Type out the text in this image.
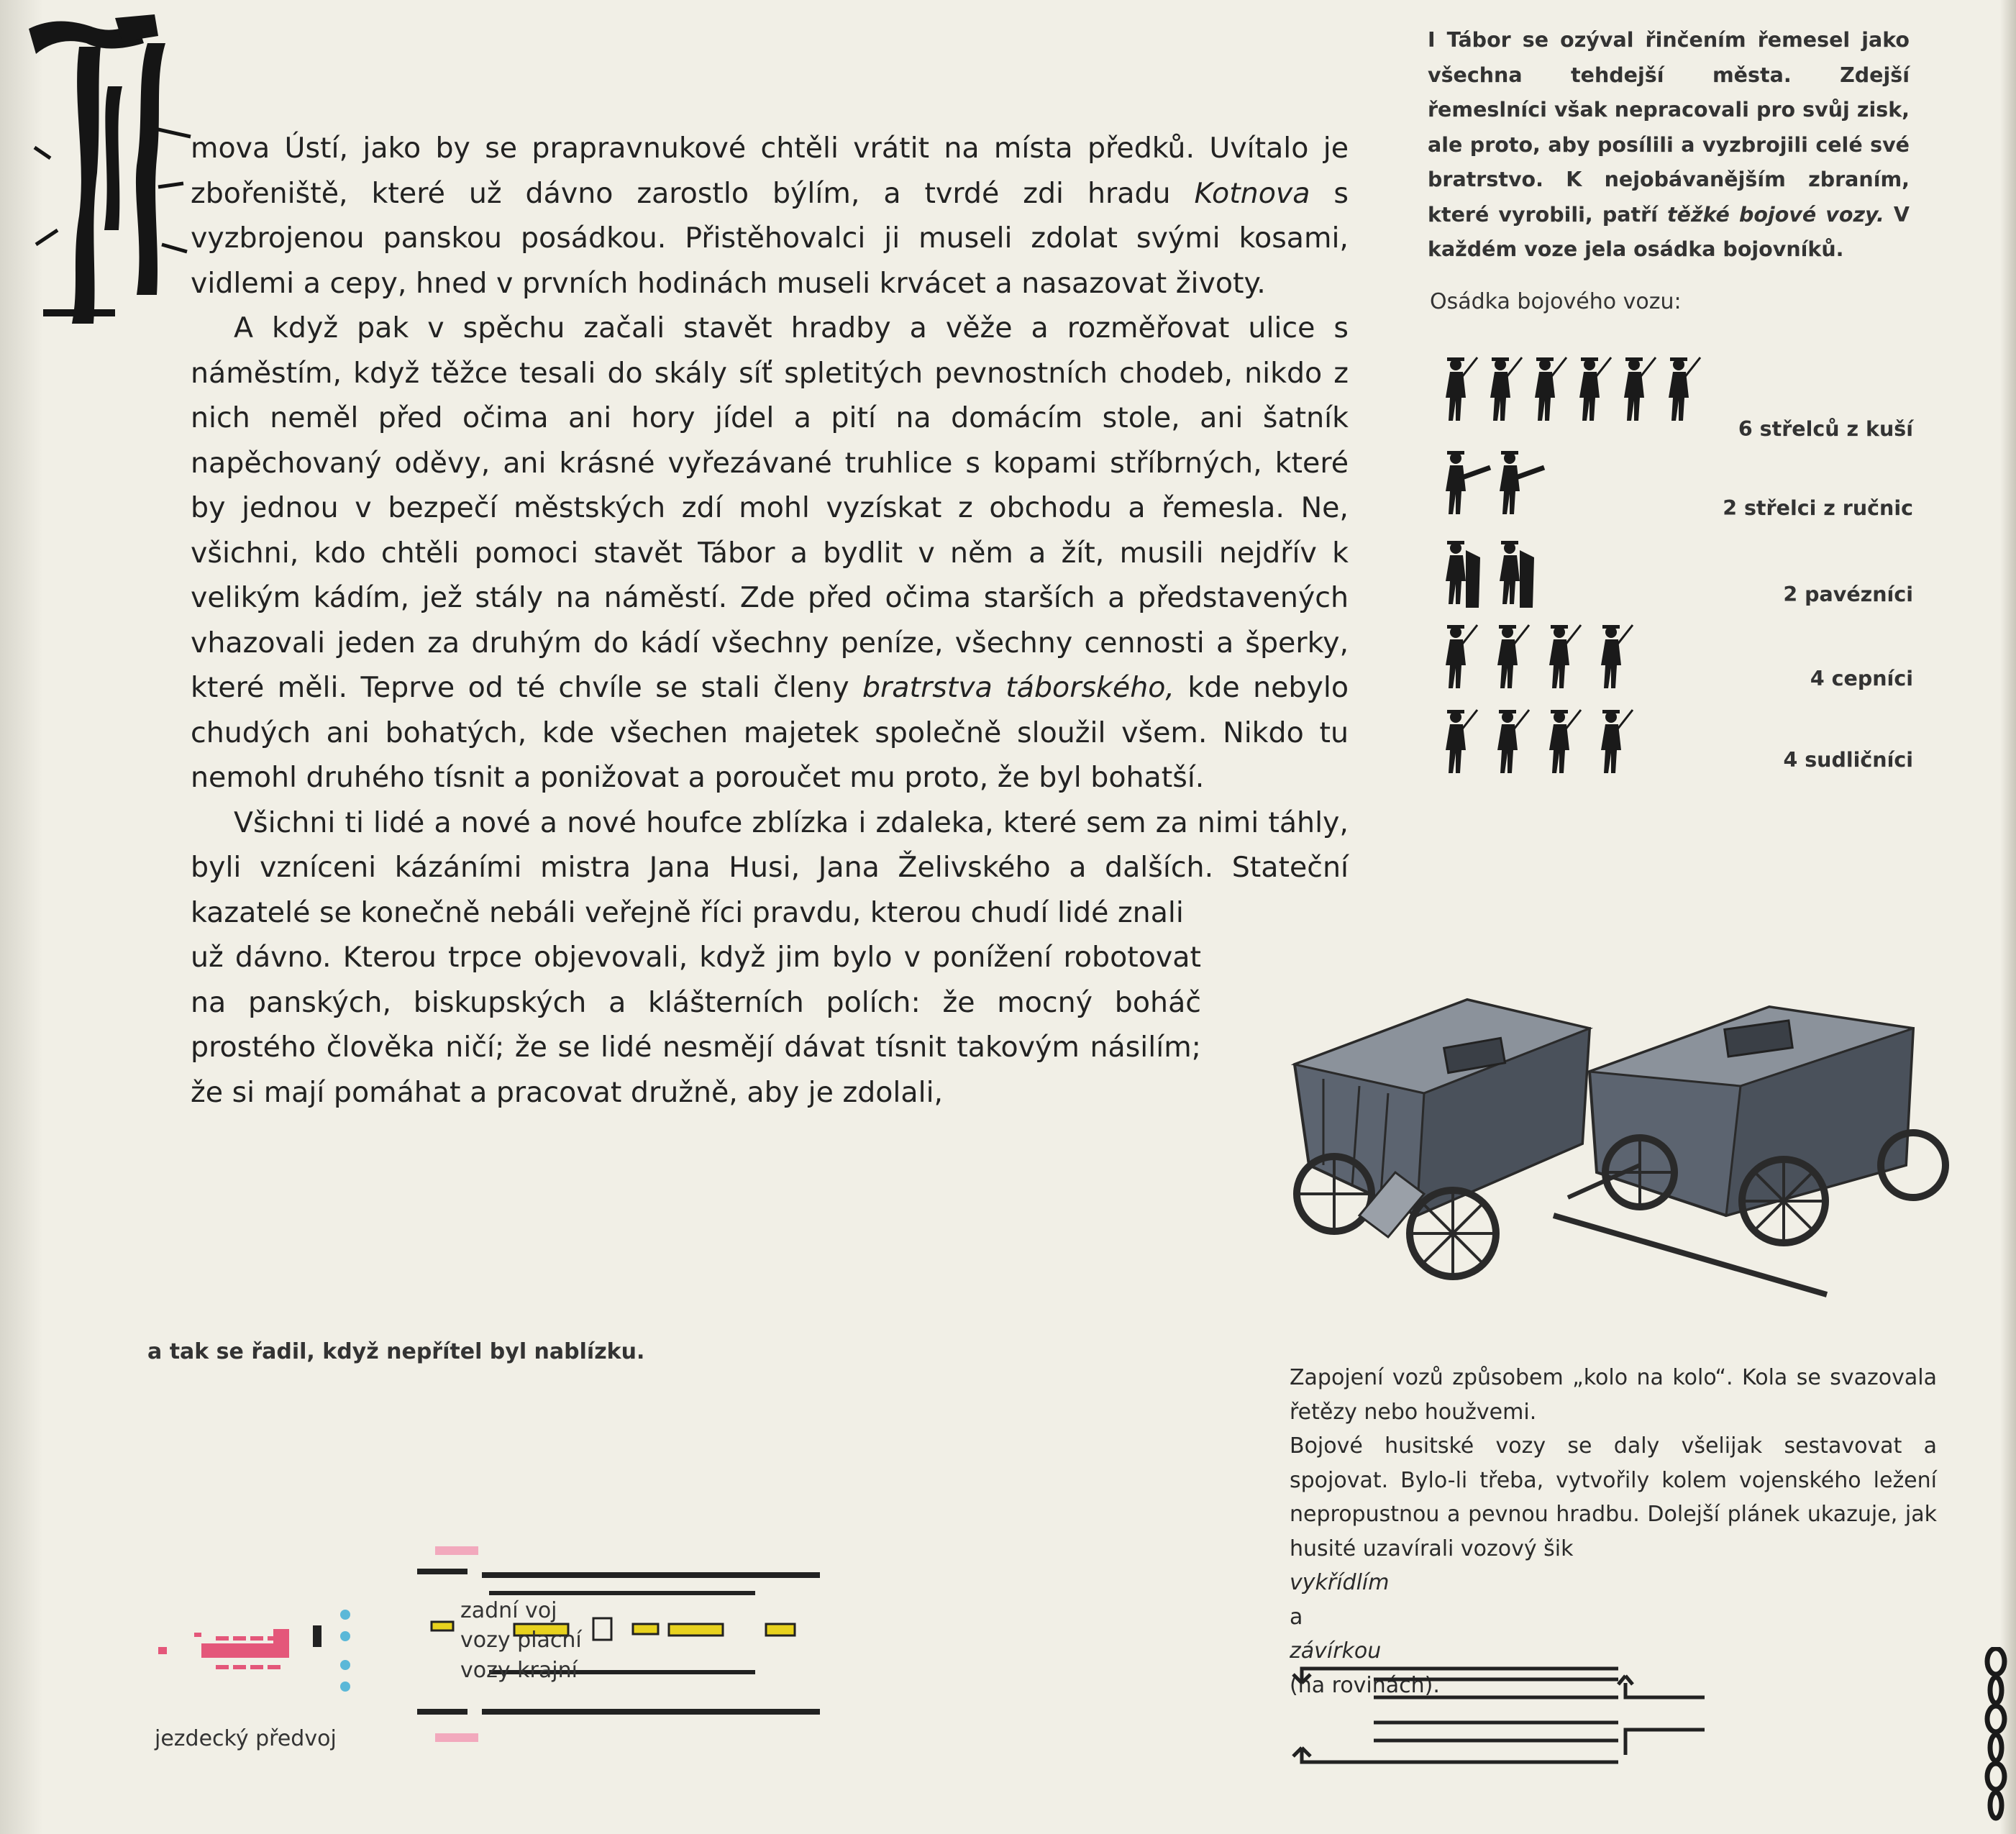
mova Ústí, jako by se prapravnukové chtěli vrátit na místa předků. Uvítalo je zbořeniště, které už dávno zarostlo býlím, a tvrdé zdi hradu Kotnova s vyzbrojenou panskou posádkou. Přistěhovalci ji museli zdolat svými kosami, vidlemi a cepy, hned v prvních hodinách museli krvácet a nasazovat životy.

A když pak v spěchu začali stavět hradby a věže a rozměřovat ulice s náměstím, když těžce tesali do skály síť spletitých pevnostních chodeb, nikdo z nich neměl před očima ani hory jídel a pití na domácím stole, ani šatník napěchovaný oděvy, ani krásné vyřezávané truhlice s kopami stříbrných, které by jednou v bezpečí městských zdí mohl vyzískat z obchodu a řemesla. Ne, všichni, kdo chtěli pomoci stavět Tábor a bydlit v něm a žít, musili nejdřív k velikým kádím, jež stály na náměstí. Zde před očima starších a představených vhazovali jeden za druhým do kádí všechny peníze, všechny cennosti a šperky, které měli. Teprve od té chvíle se stali členy bratrstva táborského, kde nebylo chudých ani bohatých, kde všechen majetek společně sloužil všem. Nikdo tu nemohl druhého tísnit a ponižovat a poroučet mu proto, že byl bohatší.

Všichni ti lidé a nové a nové houfce zblízka i zdaleka, které sem za nimi táhly, byli vzníceni kázáními mistra Jana Husi, Jana Želivského a dalších. Stateční kazatelé se konečně nebáli veřejně říci pravdu, kterou chudí lidé znali

už dávno. Kterou trpce objevovali, když jim bylo v ponížení robotovat na panských, biskupských a klášterních polích: že mocný boháč prostého člověka ničí; že se lidé nesmějí dávat tísnit takovým násilím; že si mají pomáhat a pracovat družně, aby je zdolali,

I Tábor se ozýval řinčením řemesel jako všechna tehdejší města. Zdejší řemeslníci však nepracovali pro svůj zisk, ale proto, aby posílili a vyzbrojili celé své bratrstvo. K nejobávanějším zbraním, které vyrobili, patří těžké bojové vozy. V každém voze jela osádka bojovníků.

Osádka bojového vozu:

6 střelců z kuší
2 střelci z ručnic
2 pavézníci
4 cepníci
4 sudličníci

Zapojení vozů způsobem „kolo na kolo“. Kola se svazovala řetězy nebo houžvemi.
Bojové husitské vozy se daly všelijak sestavovat a spojovat. Bylo-li třeba, vytvořily kolem vojenského ležení nepropustnou a pevnou hradbu. Dolejší plánek ukazuje, jak husité uzavírali vozový šik
vykřídlím
a
závírkou
(na rovinách).

a tak se řadil, když nepřítel byl nablízku.

zadní voj
vozy placní
vozy krajní
jezdecký předvoj
